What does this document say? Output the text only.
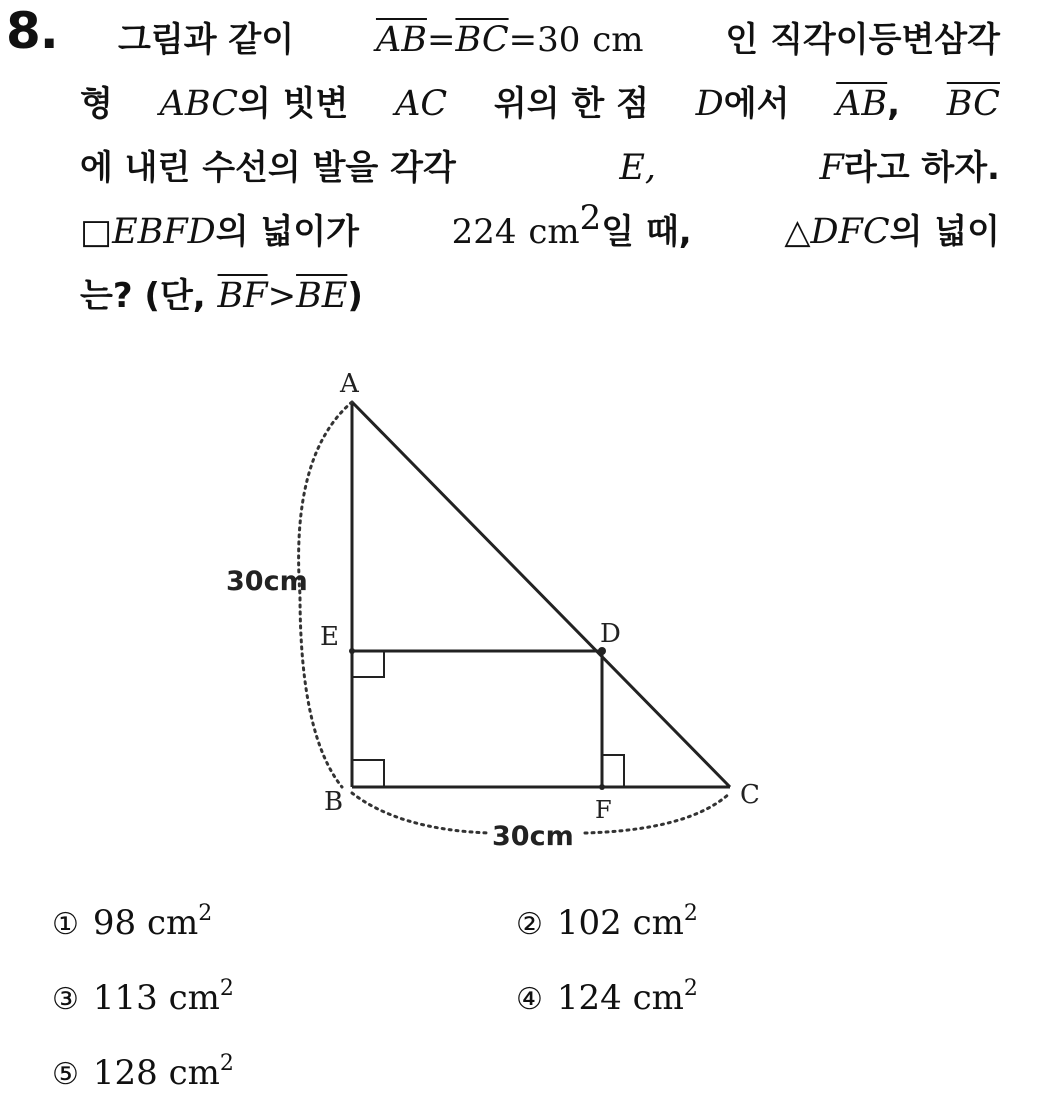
8. 그림과 같이 $\overline{AB}=\overline{BC}=30$ cm 인 직각이등변삼각
형 ABC의 빗변 AC 위의 한 점 D에서 $\overline{AB}$, $\overline{BC}$
에 내린 수선의 발을 각각	E,	F라고 하자.
□EBFD의 넓이가	224 $cm^2$일 때,	△DFC의 넓이
는? (단, $\overline{BF}>\overline{BE}$)
A
E	D
B	F	C
30cm
30cm
① 98 $cm^2$	② 102 $cm^2$
③ 113 $cm^2$	④ 124 $cm^2$
⑤ 128 $cm^2$
